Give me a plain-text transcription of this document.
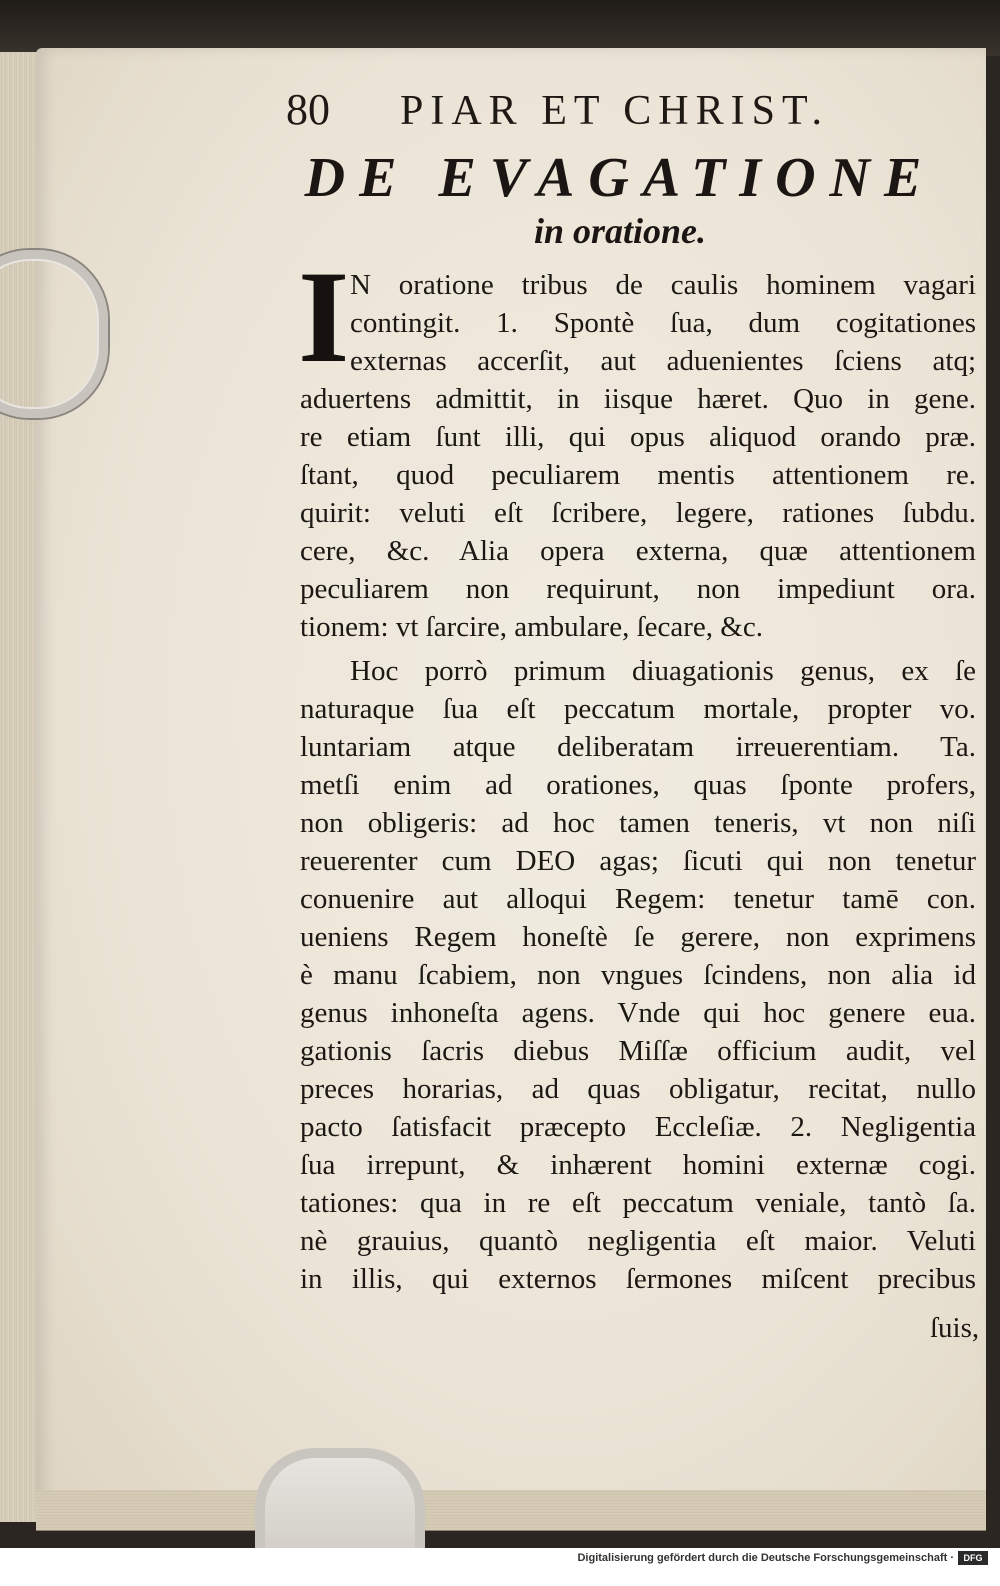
80 PIAR ET CHRIST.
DE EVAGATIONE
in oratione.
I N oratione tribus de caulis hominem vagari
contingit. 1. Spontè ſua, dum cogitationes
externas accerſit, aut aduenientes ſciens atq;
aduertens admittit, in iisque hæret. Quo in gene.
re etiam ſunt illi, qui opus aliquod orando præ.
ſtant, quod peculiarem mentis attentionem re.
quirit: veluti eſt ſcribere, legere, rationes ſubdu.
cere, &c. Alia opera externa, quæ attentionem
peculiarem non requirunt, non impediunt ora.
tionem: vt ſarcire, ambulare, ſecare, &c.
Hoc porrò primum diuagationis genus, ex ſe
naturaque ſua eſt peccatum mortale, propter vo.
luntariam atque deliberatam irreuerentiam. Ta.
metſi enim ad orationes, quas ſponte profers,
non obligeris: ad hoc tamen teneris, vt non niſi
reuerenter cum DEO agas; ſicuti qui non tenetur
conuenire aut alloqui Regem: tenetur tamē con.
ueniens Regem honeſtè ſe gerere, non exprimens
è manu ſcabiem, non vngues ſcindens, non alia id
genus inhoneſta agens. Vnde qui hoc genere eua.
gationis ſacris diebus Miſſæ officium audit, vel
preces horarias, ad quas obligatur, recitat, nullo
pacto ſatisfacit præcepto Eccleſiæ. 2. Negligentia
ſua irrepunt, & inhærent homini externæ cogi.
tationes: qua in re eſt peccatum veniale, tantò ſa.
nè grauius, quantò negligentia eſt maior. Veluti
in illis, qui externos ſermones miſcent precibus
ſuis,
Digitalisierung gefördert durch die Deutsche Forschungsgemeinschaft ·	DFG
